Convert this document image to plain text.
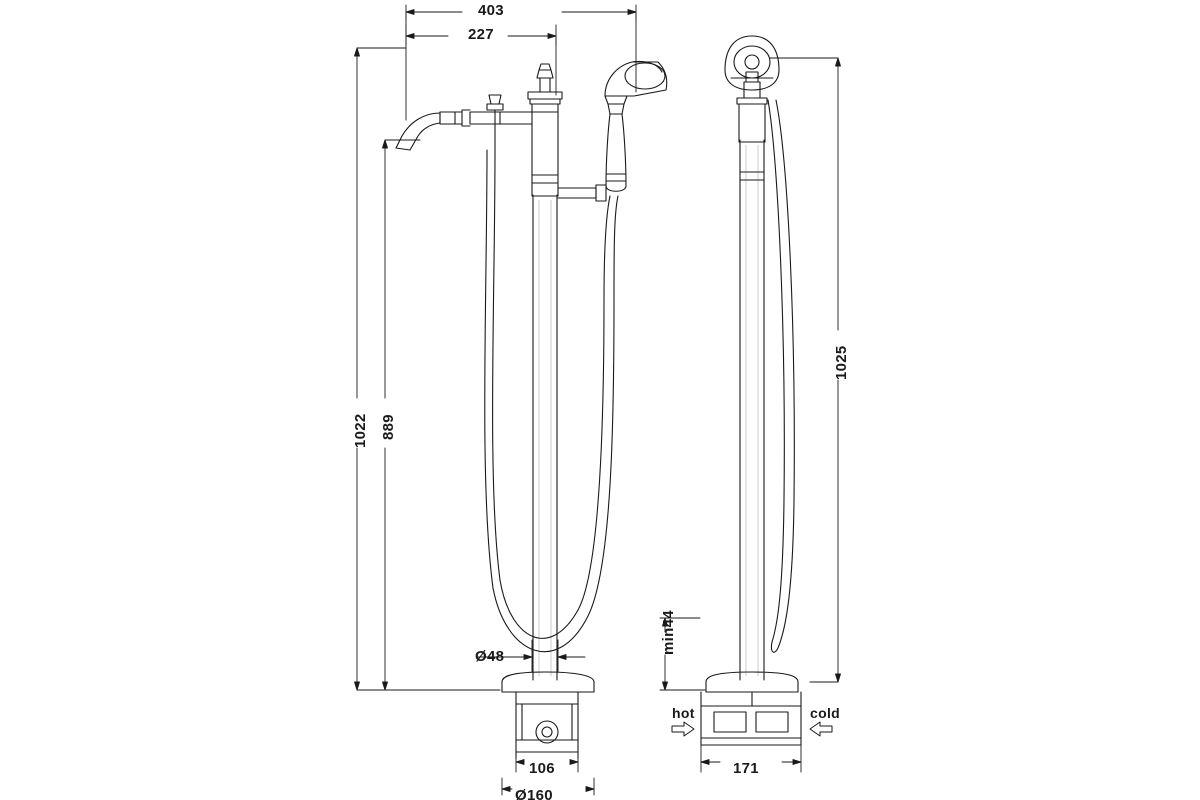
403
227
1022 889
1025
Ø48
min44
106
Ø160
171
hot	cold
